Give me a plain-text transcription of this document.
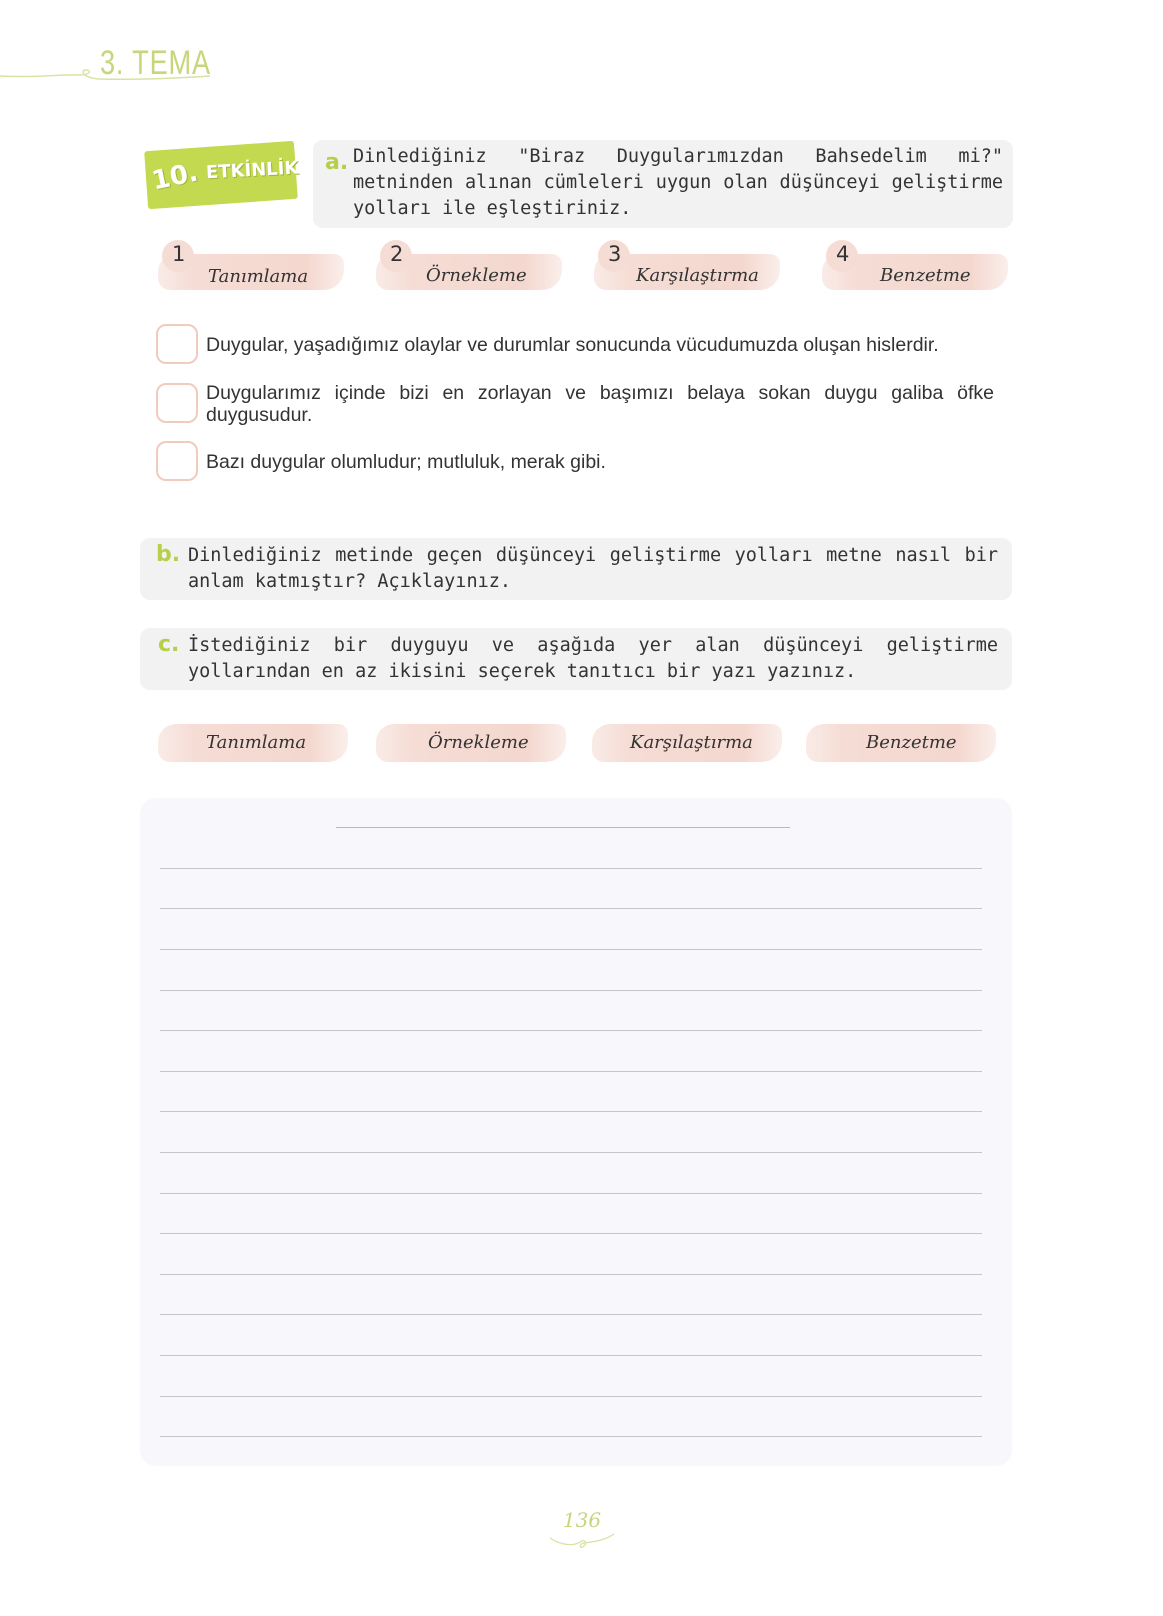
3. TEMA
10. ETKİNLİK a. Dinlediğiniz "Biraz Duygularımızdan Bahsedelim mi?" metninden alınan cümleleri uygun olan düşünceyi geliştirme yolları ile eşleştiriniz.
1
Tanımlama
2
Örnekleme
3
Karşılaştırma
4
Benzetme
Duygular, yaşadığımız olaylar ve durumlar sonucunda vücudumuzda oluşan hislerdir.
Duygularımız içinde bizi en zorlayan ve başımızı belaya sokan duygu galiba öfke duygusudur.
Bazı duygular olumludur; mutluluk, merak gibi.
b. Dinlediğiniz metinde geçen düşünceyi geliştirme yolları metne nasıl bir anlam katmıştır? Açıklayınız.
c. İstediğiniz bir duyguyu ve aşağıda yer alan düşünceyi geliştirme yollarından en az ikisini seçerek tanıtıcı bir yazı yazınız.
Tanımlama	Örnekleme	Karşılaştırma	Benzetme
136
